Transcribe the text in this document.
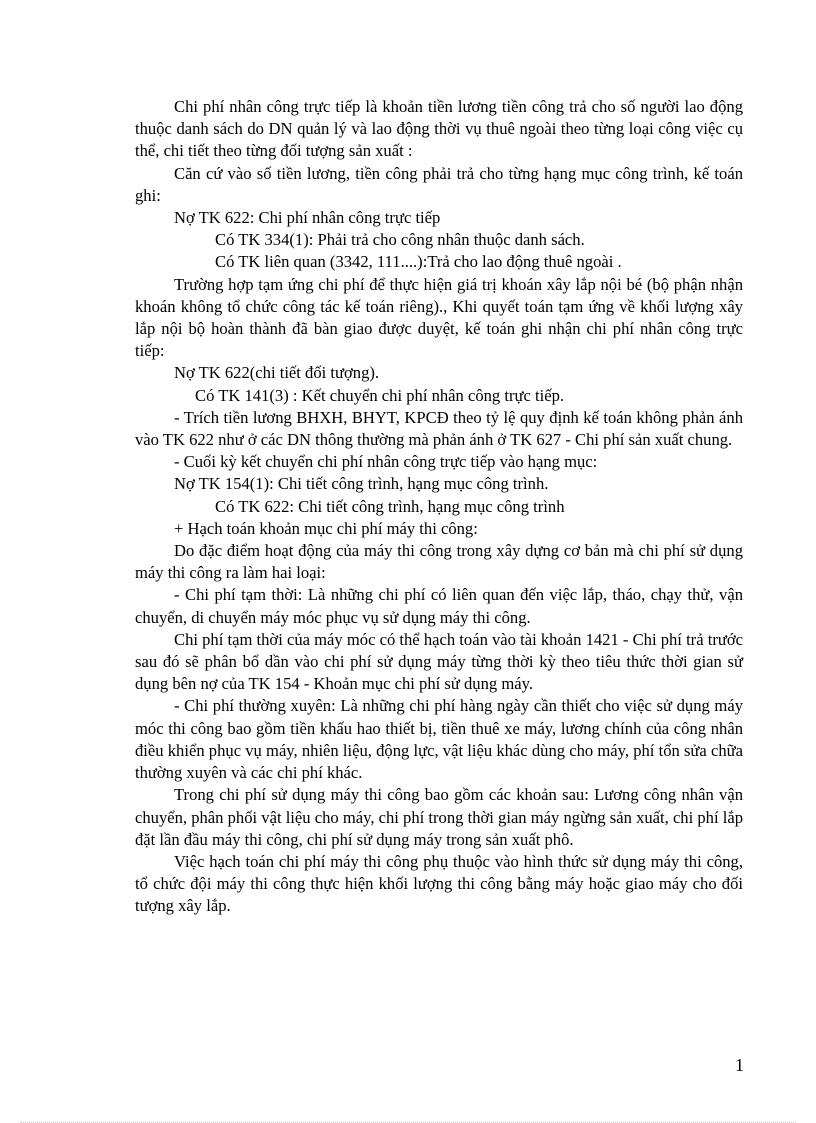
Chi phí nhân công trực tiếp là khoản tiền lương tiền công trả cho số người lao động thuộc danh sách do DN quản lý và lao động thời vụ thuê ngoài theo từng loại công việc cụ thể, chi tiết theo từng đối tượng sản xuất :

Căn cứ vào số tiền lương, tiền công phải trả cho từng hạng mục công trình, kế toán ghi:

Nợ TK 622: Chi phí nhân công trực tiếp

Có TK 334(1): Phải trả cho công nhân thuộc danh sách.

Có TK liên quan (3342, 111....):Trả cho lao động thuê ngoài .

Trường hợp tạm ứng chi phí để thực hiện giá trị khoán xây lắp nội bé (bộ phận nhận khoán không tổ chức công tác kế toán riêng)., Khi quyết toán tạm ứng về khối lượng xây lắp nội bộ hoàn thành đã bàn giao được duyệt, kế toán ghi nhận chi phí nhân công trực tiếp:

Nợ TK 622(chi tiết đối tượng).

Có TK 141(3) : Kết chuyển chi phí nhân công trực tiếp.

- Trích tiền lương BHXH, BHYT, KPCĐ theo tỷ lệ quy định kế toán không phản ánh vào TK 622 như ở các DN thông thường mà phản ánh ở TK 627 - Chi phí sản xuất chung.

- Cuối kỳ kết chuyển chi phí nhân công trực tiếp vào hạng mục:

Nợ TK 154(1): Chi tiết công trình, hạng mục công trình.

Có TK 622: Chi tiết công trình, hạng mục công trình

+ Hạch toán khoản mục chi phí máy thi công:

Do đặc điểm hoạt động của máy thi công trong xây dựng cơ bản mà chi phí sử dụng máy thi công ra làm hai loại:

- Chi phí tạm thời: Là những chi phí có liên quan đến việc lắp, tháo, chạy thử, vận chuyển, di chuyển máy móc phục vụ sử dụng máy thi công.

Chi phí tạm thời của máy móc có thể hạch toán vào tài khoản 1421 - Chi phí trả trước sau đó sẽ phân bổ dần vào chi phí sử dụng máy từng thời kỳ theo tiêu thức thời gian sử dụng bên nợ của TK 154 - Khoản mục chi phí sử dụng máy.

- Chi phí thường xuyên: Là những chi phí hàng ngày cần thiết cho việc sử dụng máy móc thi công bao gồm tiền khấu hao thiết bị, tiền thuê xe máy, lương chính của công nhân điều khiển phục vụ máy, nhiên liệu, động lực, vật liệu khác dùng cho máy, phí tổn sửa chữa thường xuyên và các chi phí khác.

Trong chi phí sử dụng máy thi công bao gồm các khoản sau: Lương công nhân vận chuyển, phân phối vật liệu cho máy, chi phí trong thời gian máy ngừng sản xuất, chi phí lắp đặt lần đầu máy thi công, chi phí sử dụng máy trong sản xuất phô.

Việc hạch toán chi phí máy thi công phụ thuộc vào hình thức sử dụng máy thi công, tổ chức đội máy thi công thực hiện khối lượng thi công bằng máy hoặc giao máy cho đối tượng xây lắp.

1
